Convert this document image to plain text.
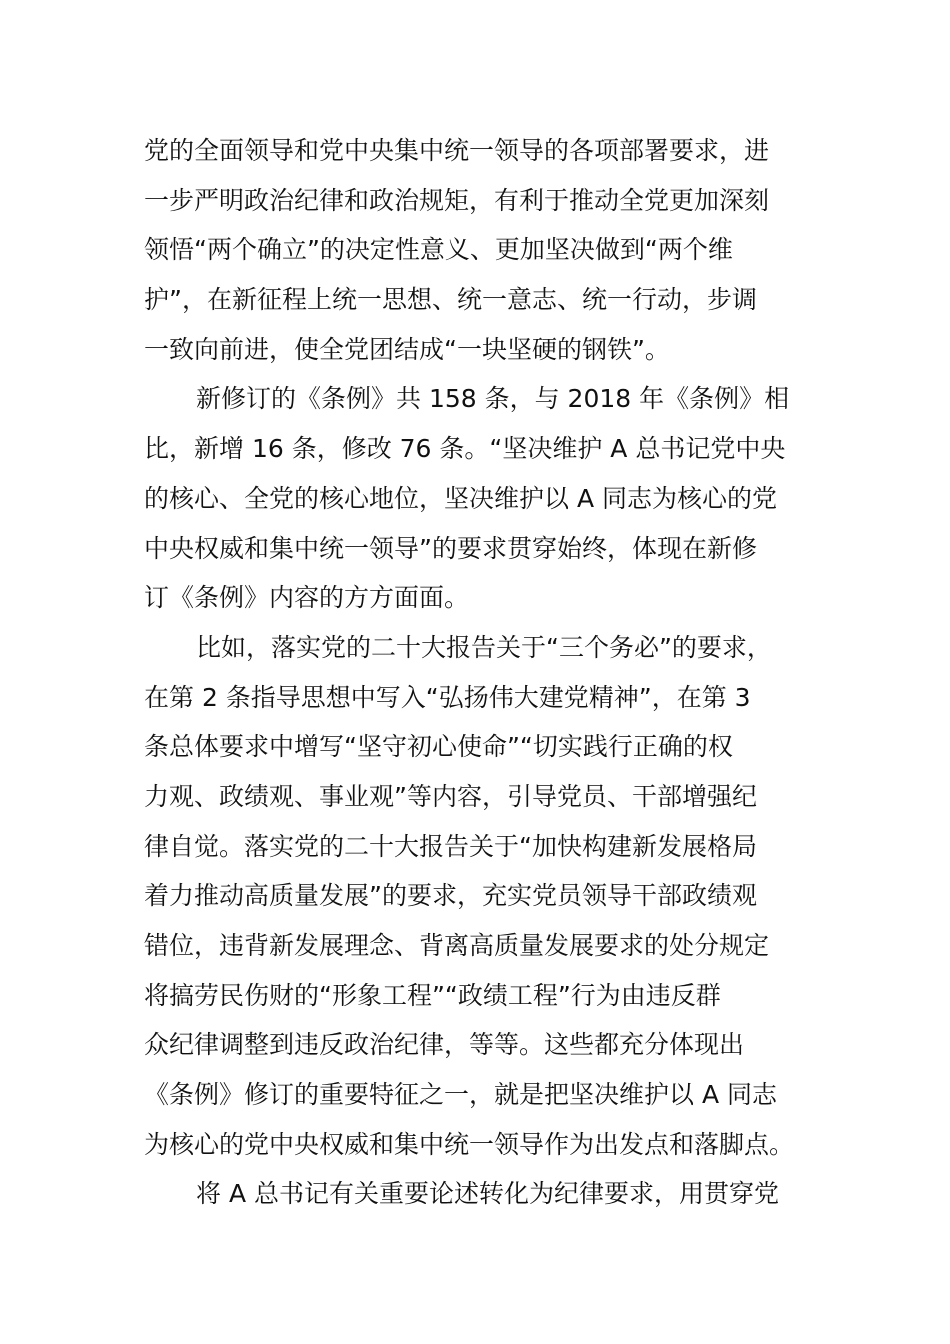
党的全面领导和党中央集中统一领导的各项部署要求，进
一步严明政治纪律和政治规矩，有利于推动全党更加深刻
领悟“两个确立”的决定性意义、更加坚决做到“两个维
护”，在新征程上统一思想、统一意志、统一行动，步调
一致向前进，使全党团结成“一块坚硬的钢铁”。
新修订的《条例》共 158 条，与 2018 年《条例》相
比，新增 16 条，修改 76 条。“坚决维护 A 总书记党中央
的核心、全党的核心地位，坚决维护以 A 同志为核心的党
中央权威和集中统一领导”的要求贯穿始终，体现在新修
订《条例》内容的方方面面。
比如，落实党的二十大报告关于“三个务必”的要求，
在第 2 条指导思想中写入“弘扬伟大建党精神”，在第 3
条总体要求中增写“坚守初心使命”“切实践行正确的权
力观、政绩观、事业观”等内容，引导党员、干部增强纪
律自觉。落实党的二十大报告关于“加快构建新发展格局
着力推动高质量发展”的要求，充实党员领导干部政绩观
错位，违背新发展理念、背离高质量发展要求的处分规定
将搞劳民伤财的“形象工程”“政绩工程”行为由违反群
众纪律调整到违反政治纪律，等等。这些都充分体现出
《条例》修订的重要特征之一，就是把坚决维护以 A 同志
为核心的党中央权威和集中统一领导作为出发点和落脚点。
将 A 总书记有关重要论述转化为纪律要求，用贯穿党
